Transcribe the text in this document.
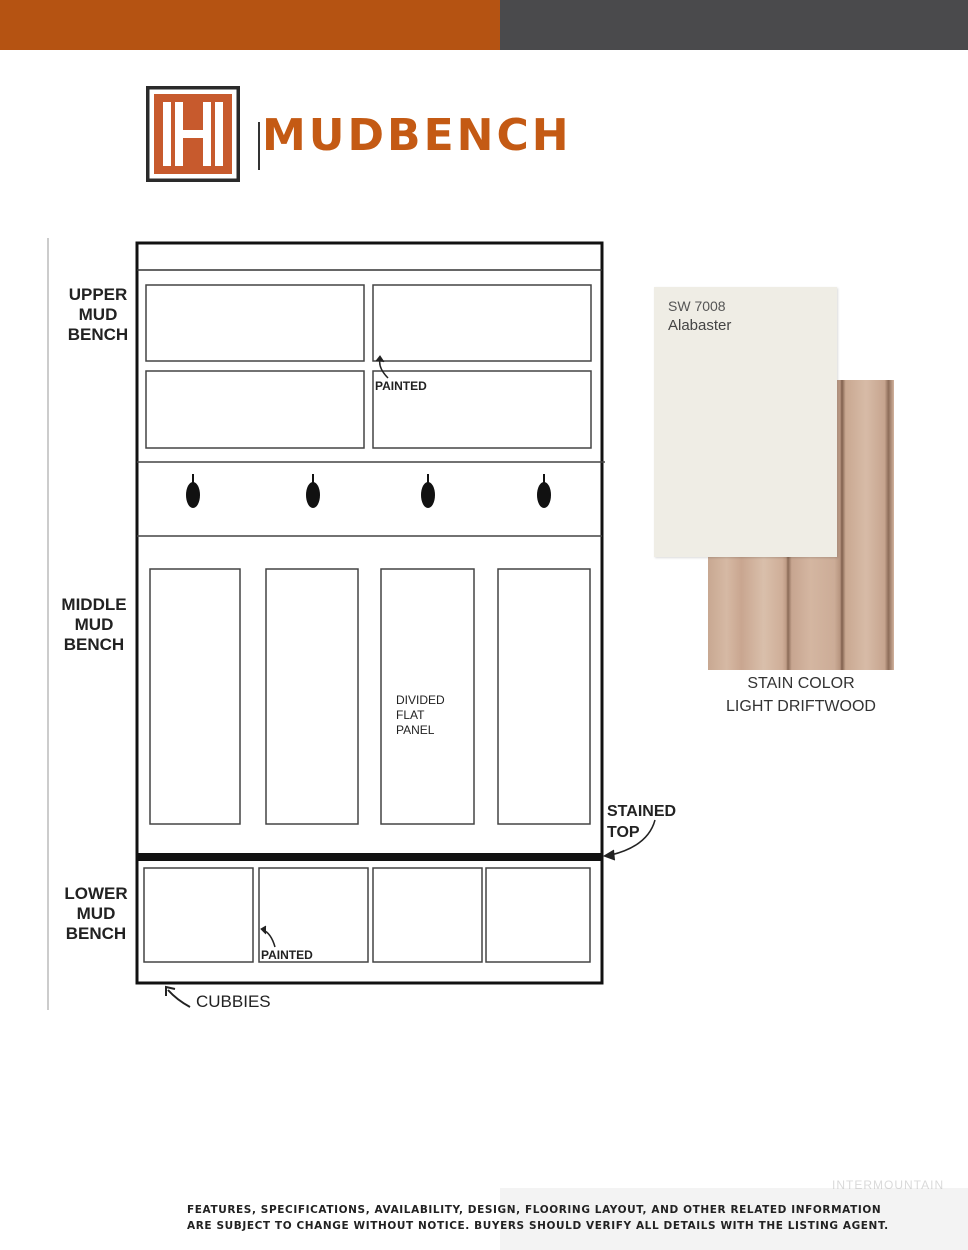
MUDBENCH
UPPER
MUD
BENCH
MIDDLE
MUD
BENCH
LOWER
MUD
BENCH
PAINTED
PAINTED
DIVIDED
FLAT
PANEL
STAINED
TOP
CUBBIES
SW 7008
Alabaster
STAIN COLOR
LIGHT DRIFTWOOD
INTERMOUNTAIN
FEATURES, SPECIFICATIONS, AVAILABILITY, DESIGN, FLOORING LAYOUT, AND OTHER RELATED INFORMATION
ARE SUBJECT TO CHANGE WITHOUT NOTICE. BUYERS SHOULD VERIFY ALL DETAILS WITH THE LISTING AGENT.
